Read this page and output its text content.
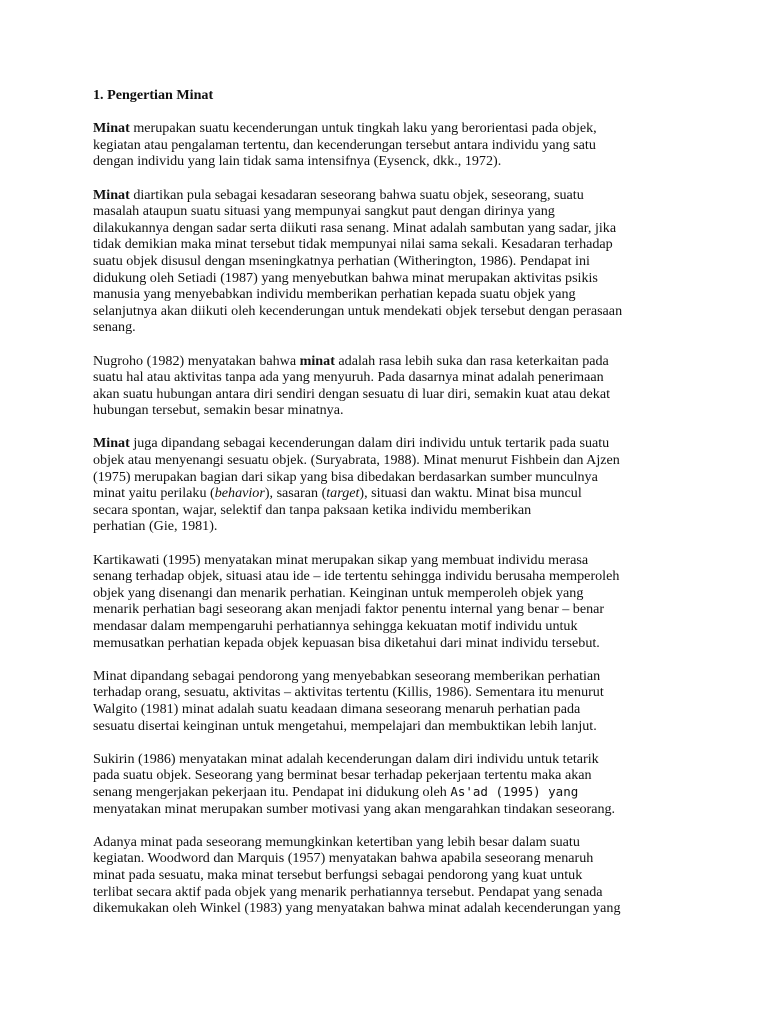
1. Pengertian Minat
Minat merupakan suatu kecenderungan untuk tingkah laku yang berorientasi pada objek,
kegiatan atau pengalaman tertentu, dan kecenderungan tersebut antara individu yang satu
dengan individu yang lain tidak sama intensifnya (Eysenck, dkk., 1972).
Minat diartikan pula sebagai kesadaran seseorang bahwa suatu objek, seseorang, suatu
masalah ataupun suatu situasi yang mempunyai sangkut paut dengan dirinya yang
dilakukannya dengan sadar serta diikuti rasa senang. Minat adalah sambutan yang sadar, jika
tidak demikian maka minat tersebut tidak mempunyai nilai sama sekali. Kesadaran terhadap
suatu objek disusul dengan mseningkatnya perhatian (Witherington, 1986). Pendapat ini
didukung oleh Setiadi (1987) yang menyebutkan bahwa minat merupakan aktivitas psikis
manusia yang menyebabkan individu memberikan perhatian kepada suatu objek yang
selanjutnya akan diikuti oleh kecenderungan untuk mendekati objek tersebut dengan perasaan
senang.
Nugroho (1982) menyatakan bahwa minat adalah rasa lebih suka dan rasa keterkaitan pada
suatu hal atau aktivitas tanpa ada yang menyuruh. Pada dasarnya minat adalah penerimaan
akan suatu hubungan antara diri sendiri dengan sesuatu di luar diri, semakin kuat atau dekat
hubungan tersebut, semakin besar minatnya.
Minat juga dipandang sebagai kecenderungan dalam diri individu untuk tertarik pada suatu
objek atau menyenangi sesuatu objek. (Suryabrata, 1988). Minat menurut Fishbein dan Ajzen
(1975) merupakan bagian dari sikap yang bisa dibedakan berdasarkan sumber munculnya
minat yaitu perilaku (behavior), sasaran (target), situasi dan waktu. Minat bisa muncul
secara spontan, wajar, selektif dan tanpa paksaan ketika individu memberikan
perhatian (Gie, 1981).
Kartikawati (1995) menyatakan minat merupakan sikap yang membuat individu merasa
senang terhadap objek, situasi atau ide – ide tertentu sehingga individu berusaha memperoleh
objek yang disenangi dan menarik perhatian. Keinginan untuk memperoleh objek yang
menarik perhatian bagi seseorang akan menjadi faktor penentu internal yang benar – benar
mendasar dalam mempengaruhi perhatiannya sehingga kekuatan motif individu untuk
memusatkan perhatian kepada objek kepuasan bisa diketahui dari minat individu tersebut.
Minat dipandang sebagai pendorong yang menyebabkan seseorang memberikan perhatian
terhadap orang, sesuatu, aktivitas – aktivitas tertentu (Killis, 1986). Sementara itu menurut
Walgito (1981) minat adalah suatu keadaan dimana seseorang menaruh perhatian pada
sesuatu disertai keinginan untuk mengetahui, mempelajari dan membuktikan lebih lanjut.
Sukirin (1986) menyatakan minat adalah kecenderungan dalam diri individu untuk tetarik
pada suatu objek. Seseorang yang berminat besar terhadap pekerjaan tertentu maka akan
senang mengerjakan pekerjaan itu. Pendapat ini didukung oleh As'ad (1995) yang
menyatakan minat merupakan sumber motivasi yang akan mengarahkan tindakan seseorang.
Adanya minat pada seseorang memungkinkan ketertiban yang lebih besar dalam suatu
kegiatan. Woodword dan Marquis (1957) menyatakan bahwa apabila seseorang menaruh
minat pada sesuatu, maka minat tersebut berfungsi sebagai pendorong yang kuat untuk
terlibat secara aktif pada objek yang menarik perhatiannya tersebut. Pendapat yang senada
dikemukakan oleh Winkel (1983) yang menyatakan bahwa minat adalah kecenderungan yang
